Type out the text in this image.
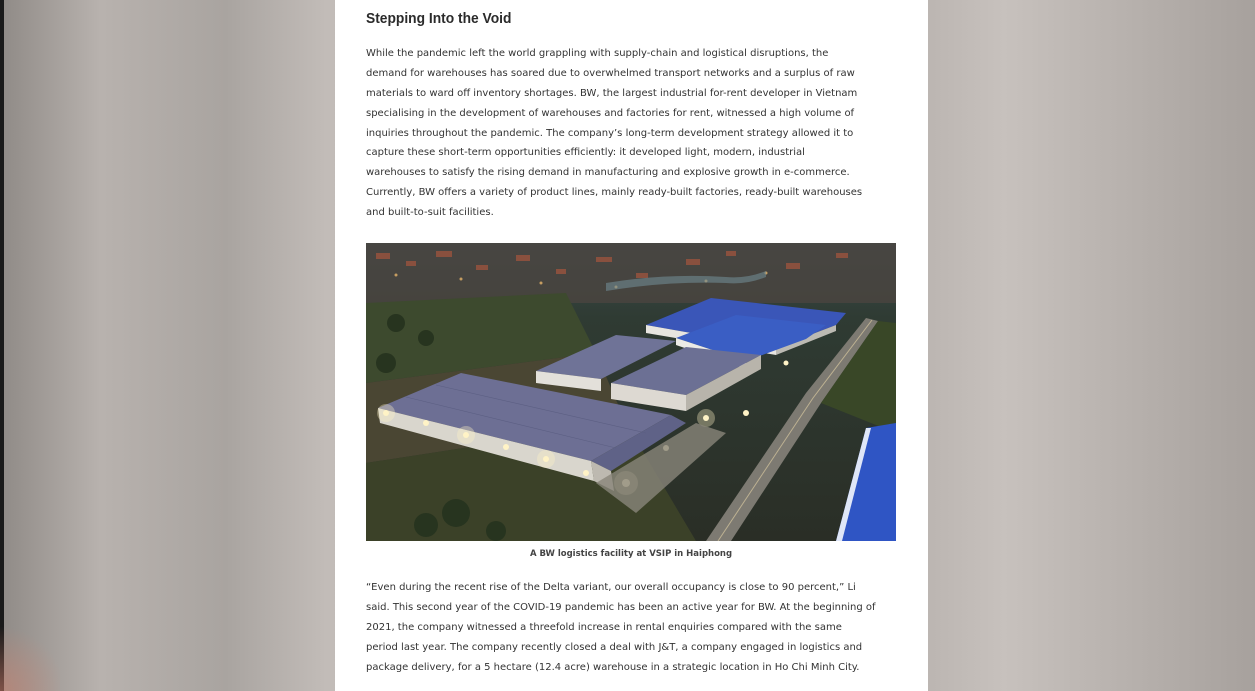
Stepping Into the Void
While the pandemic left the world grappling with supply-chain and logistical disruptions, the
demand for warehouses has soared due to overwhelmed transport networks and a surplus of raw
materials to ward off inventory shortages. BW, the largest industrial for-rent developer in Vietnam
specialising in the development of warehouses and factories for rent, witnessed a high volume of
inquiries throughout the pandemic. The company’s long-term development strategy allowed it to
capture these short-term opportunities efficiently: it developed light, modern, industrial
warehouses to satisfy the rising demand in manufacturing and explosive growth in e-commerce.
Currently, BW offers a variety of product lines, mainly ready-built factories, ready-built warehouses
and built-to-suit facilities.
A BW logistics facility at VSIP in Haiphong
“Even during the recent rise of the Delta variant, our overall occupancy is close to 90 percent,” Li
said. This second year of the COVID-19 pandemic has been an active year for BW. At the beginning of
2021, the company witnessed a threefold increase in rental enquiries compared with the same
period last year. The company recently closed a deal with J&T, a company engaged in logistics and
package delivery, for a 5 hectare (12.4 acre) warehouse in a strategic location in Ho Chi Minh City.
